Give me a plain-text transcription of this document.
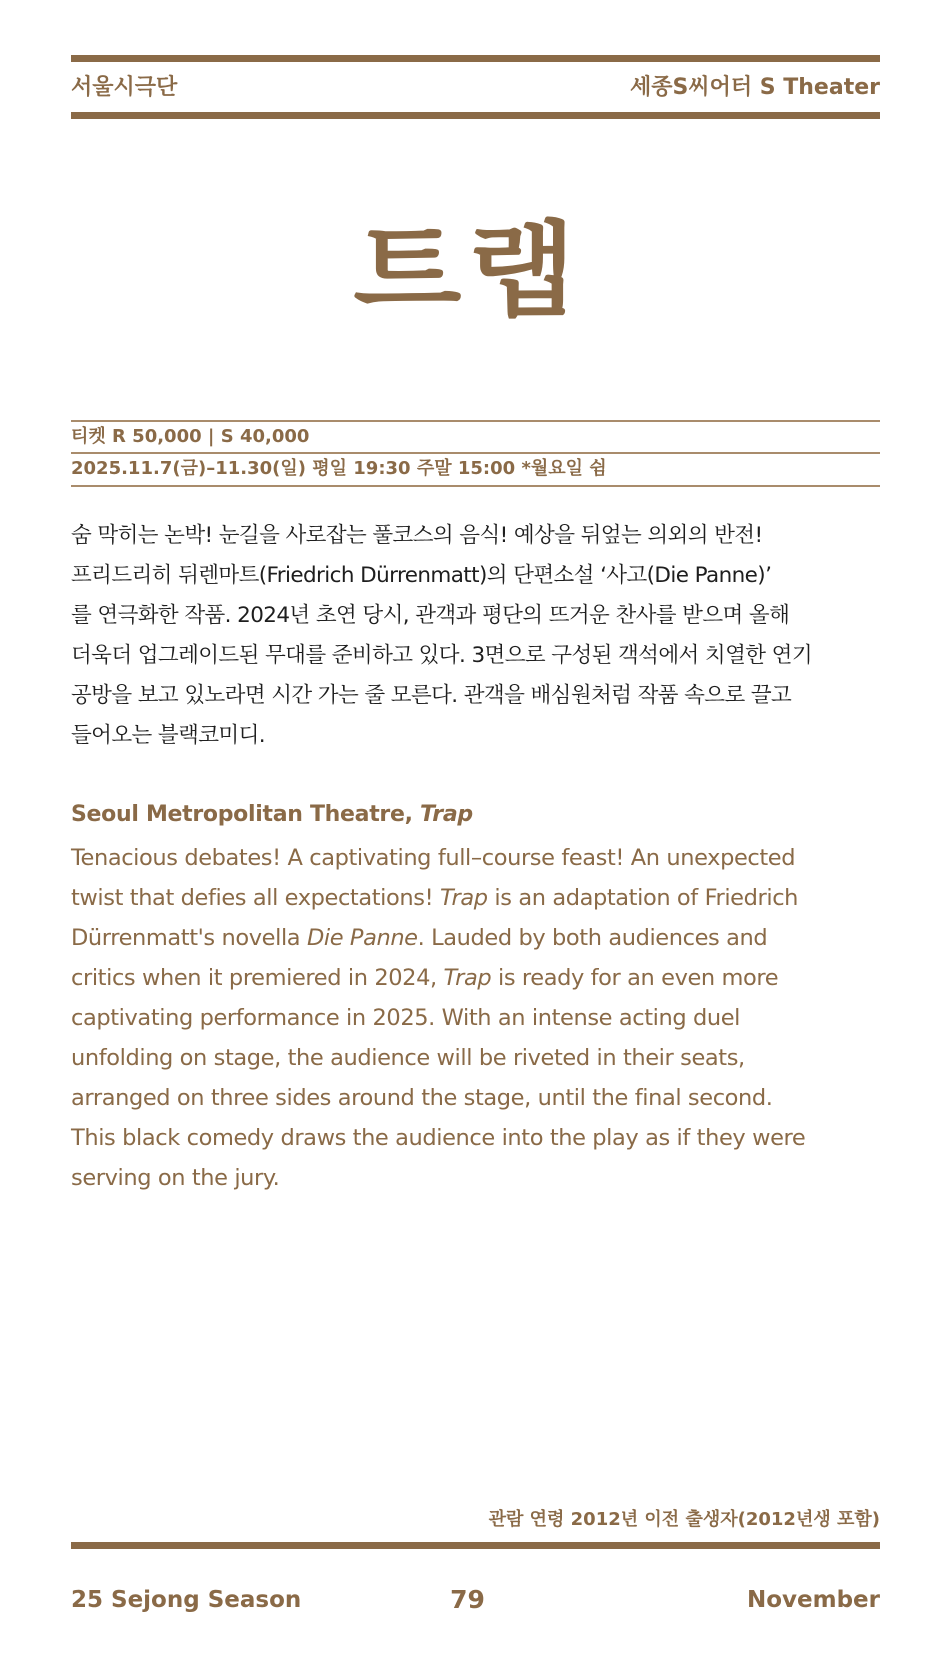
서울시극단	세종S씨어터 S Theater
트랩
티켓 R 50,000 | S 40,000
2025.11.7(금)–11.30(일) 평일 19:30 주말 15:00 *월요일 쉼
숨 막히는 논박! 눈길을 사로잡는 풀코스의 음식! 예상을 뒤엎는 의외의 반전!
프리드리히 뒤렌마트(Friedrich Dürrenmatt)의 단편소설 ‘사고(Die Panne)’
를 연극화한 작품. 2024년 초연 당시, 관객과 평단의 뜨거운 찬사를 받으며 올해
더욱더 업그레이드된 무대를 준비하고 있다. 3면으로 구성된 객석에서 치열한 연기
공방을 보고 있노라면 시간 가는 줄 모른다. 관객을 배심원처럼 작품 속으로 끌고
들어오는 블랙코미디.
Seoul Metropolitan Theatre, Trap
Tenacious debates! A captivating full–course feast! An unexpected
twist that defies all expectations! Trap is an adaptation of Friedrich
Dürrenmatt's novella Die Panne. Lauded by both audiences and
critics when it premiered in 2024, Trap is ready for an even more
captivating performance in 2025. With an intense acting duel
unfolding on stage, the audience will be riveted in their seats,
arranged on three sides around the stage, until the final second.
This black comedy draws the audience into the play as if they were
serving on the jury.
관람 연령 2012년 이전 출생자(2012년생 포함)
25 Sejong Season	79	November
